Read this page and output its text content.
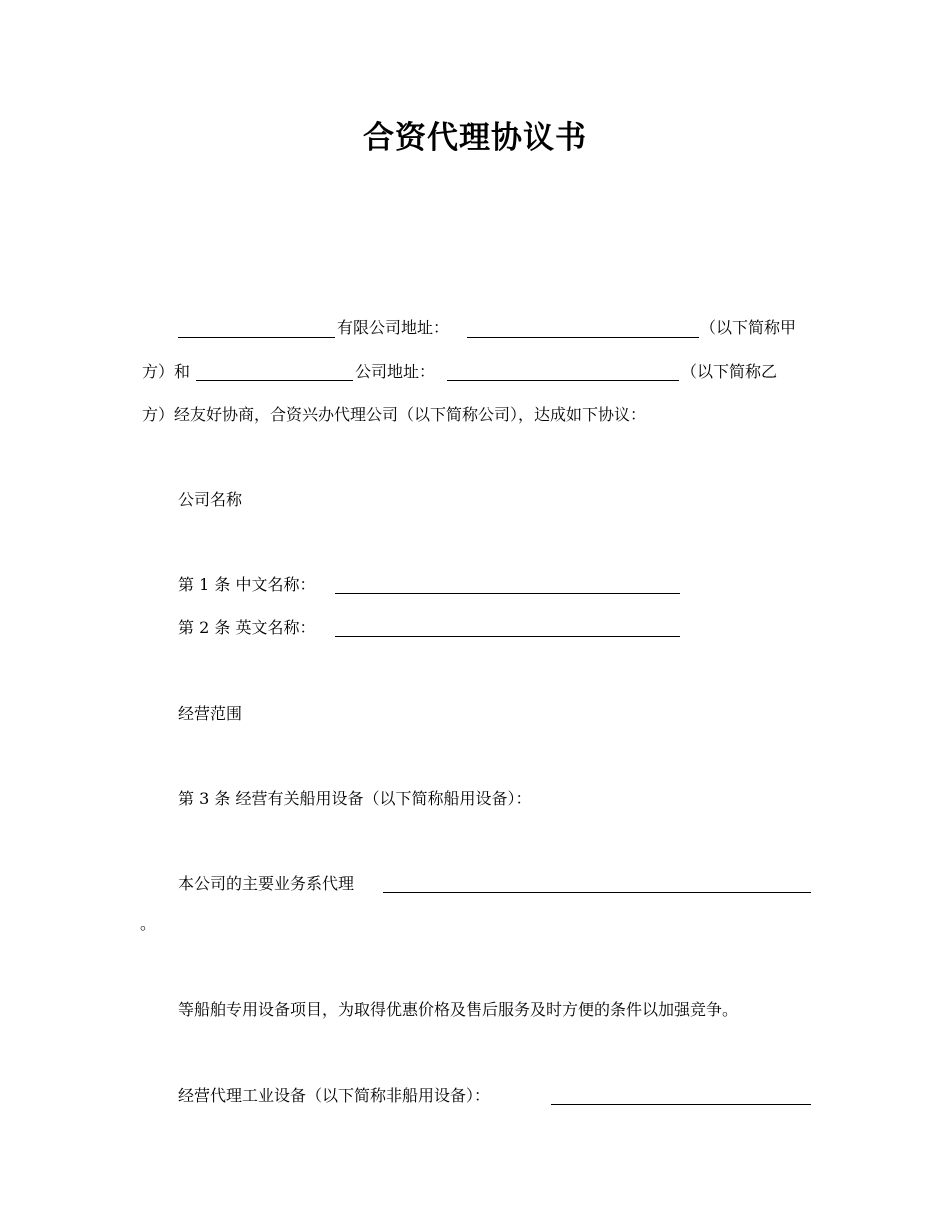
合资代理协议书
有限公司地址：	（以下简称甲
方）和	公司地址：	（以下简称乙
方）经友好协商，合资兴办代理公司（以下简称公司），达成如下协议：
公司名称
第 1 条 中文名称：
第 2 条 英文名称：
经营范围
第 3 条 经营有关船用设备（以下简称船用设备）：
本公司的主要业务系代理
。
等船舶专用设备项目，为取得优惠价格及售后服务及时方便的条件以加强竞争。
经营代理工业设备（以下简称非船用设备）：
